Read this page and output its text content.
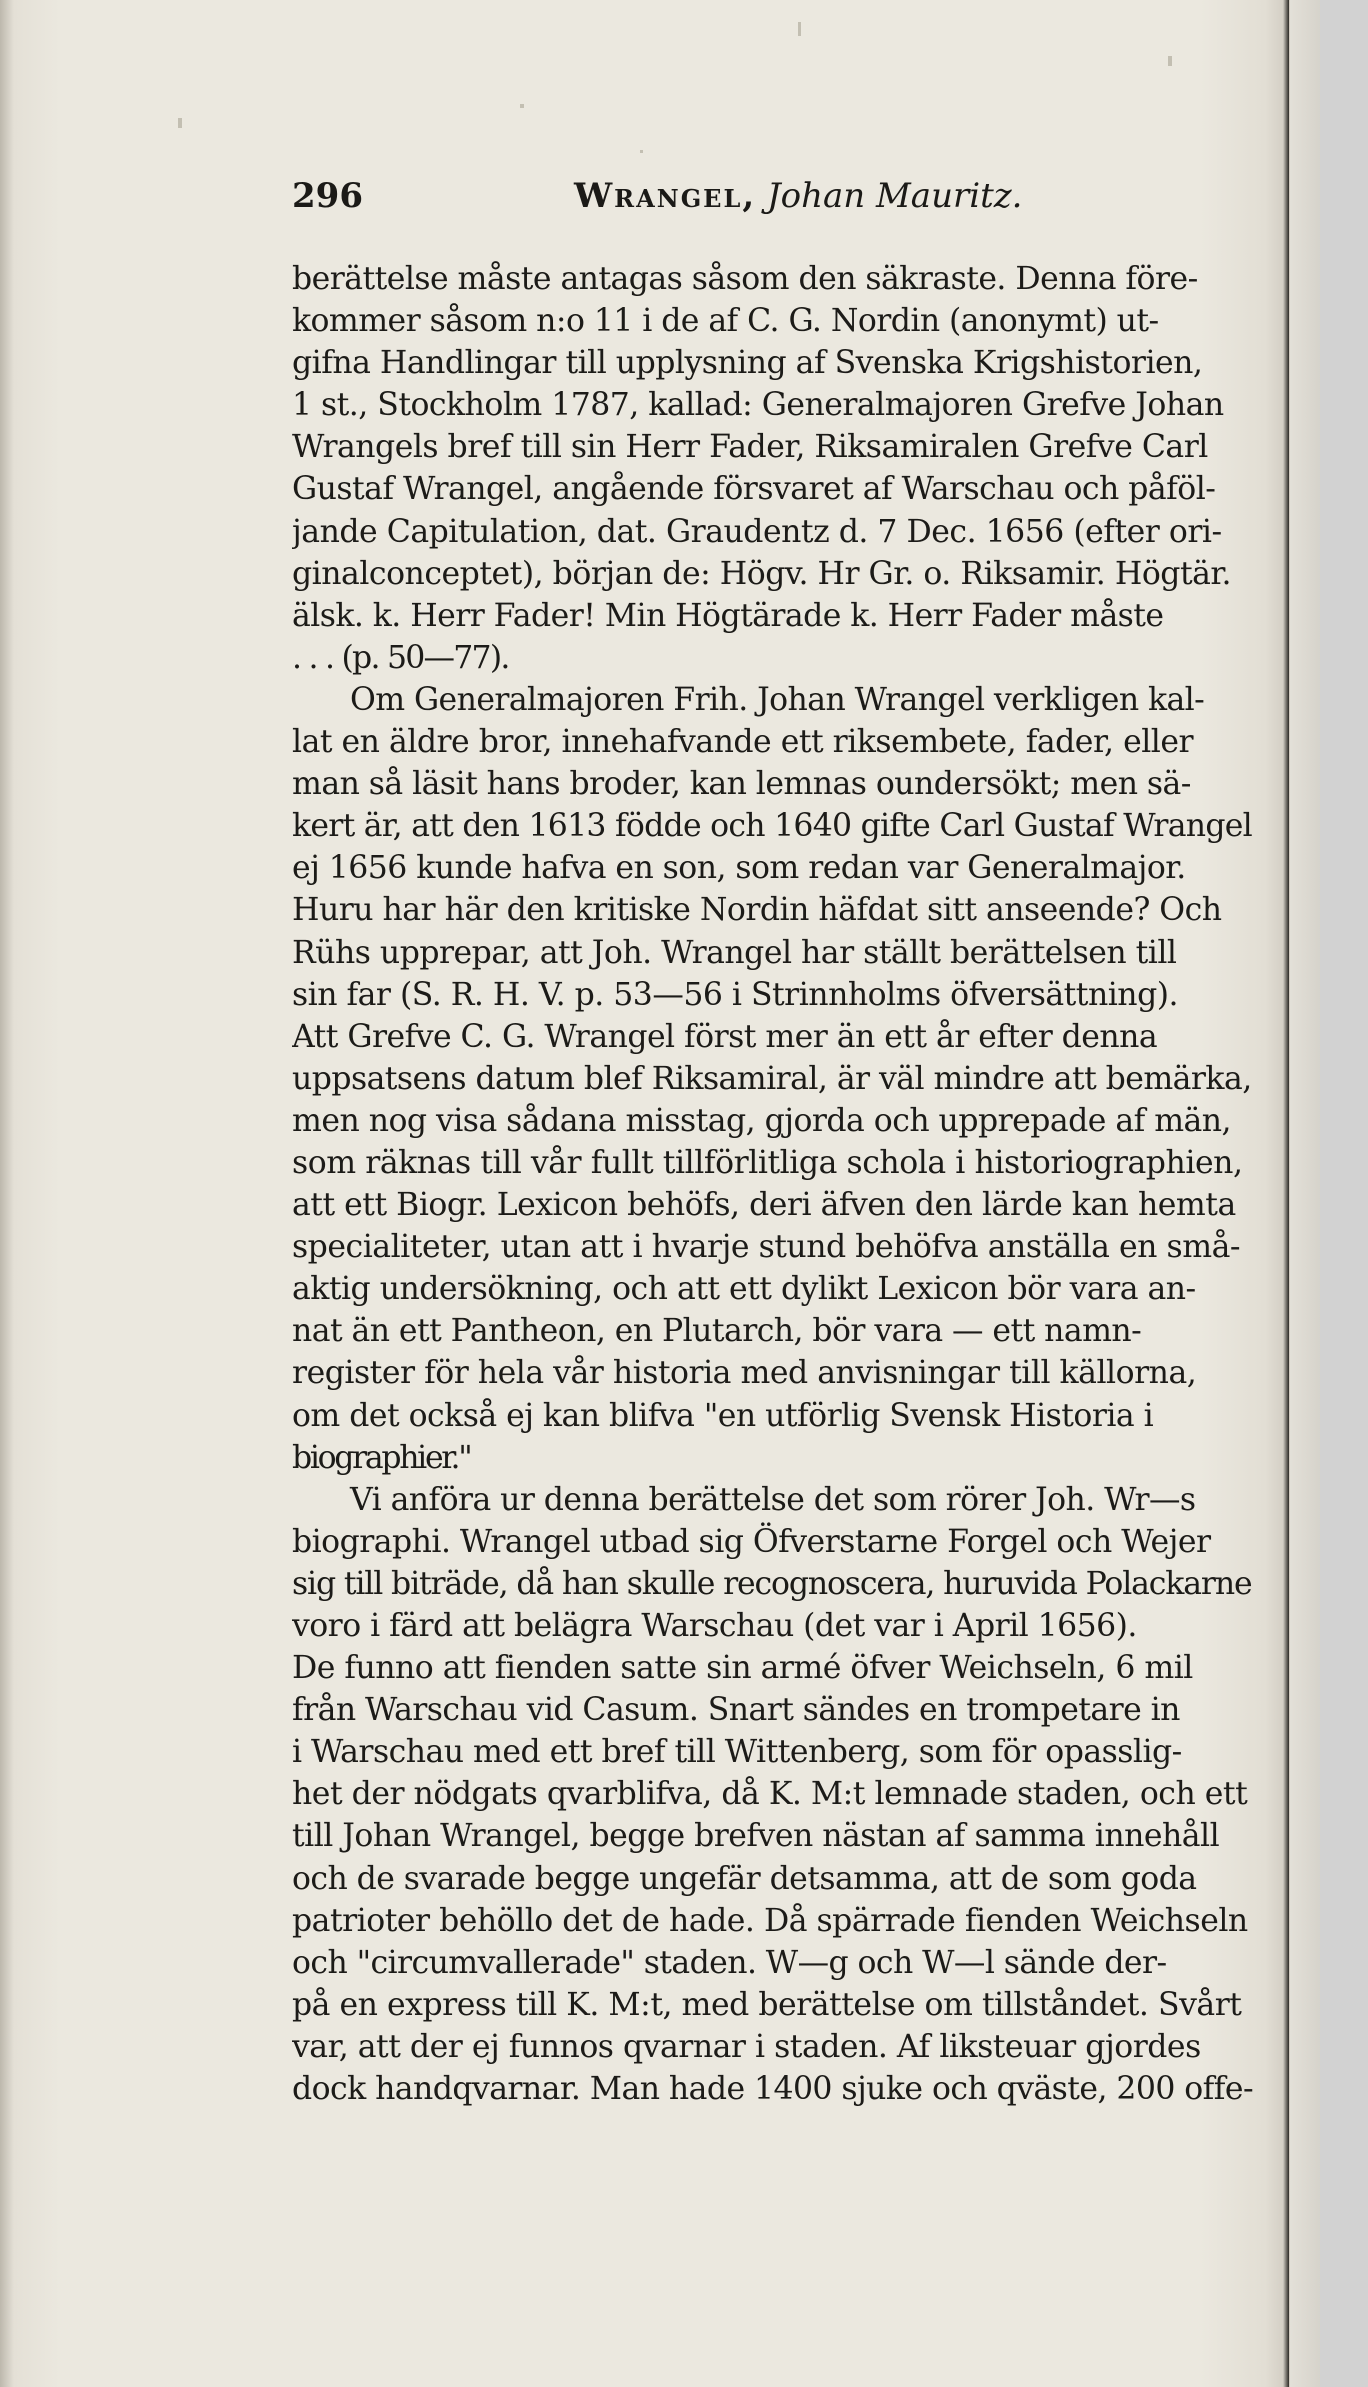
296	Wrangel, Johan Mauritz.
berättelse måste antagas såsom den säkraste. Denna före-
kommer såsom n:o 11 i de af C. G. Nordin (anonymt) ut-
gifna Handlingar till upplysning af Svenska Krigshistorien,
1 st., Stockholm 1787, kallad: Generalmajoren Grefve Johan
Wrangels bref till sin Herr Fader, Riksamiralen Grefve Carl
Gustaf Wrangel, angående försvaret af Warschau och påföl-
jande Capitulation, dat. Graudentz d. 7 Dec. 1656 (efter ori-
ginalconceptet), början de: Högv. Hr Gr. o. Riksamir. Högtär.
älsk. k. Herr Fader! Min Högtärade k. Herr Fader måste
. . . (p. 50—77).
Om Generalmajoren Frih. Johan Wrangel verkligen kal-
lat en äldre bror, innehafvande ett riksembete, fader, eller
man så läsit hans broder, kan lemnas oundersökt; men sä-
kert är, att den 1613 födde och 1640 gifte Carl Gustaf Wrangel
ej 1656 kunde hafva en son, som redan var Generalmajor.
Huru har här den kritiske Nordin häfdat sitt anseende? Och
Rühs upprepar, att Joh. Wrangel har ställt berättelsen till
sin far (S. R. H. V. p. 53—56 i Strinnholms öfversättning).
Att Grefve C. G. Wrangel först mer än ett år efter denna
uppsatsens datum blef Riksamiral, är väl mindre att bemärka,
men nog visa sådana misstag, gjorda och upprepade af män,
som räknas till vår fullt tillförlitliga schola i historiographien,
att ett Biogr. Lexicon behöfs, deri äfven den lärde kan hemta
specialiteter, utan att i hvarje stund behöfva anställa en små-
aktig undersökning, och att ett dylikt Lexicon bör vara an-
nat än ett Pantheon, en Plutarch, bör vara — ett namn-
register för hela vår historia med anvisningar till källorna,
om det också ej kan blifva "en utförlig Svensk Historia i
biographier."
Vi anföra ur denna berättelse det som rörer Joh. Wr—s
biographi. Wrangel utbad sig Öfverstarne Forgel och Wejer
sig till biträde, då han skulle recognoscera, huruvida Polackarne
voro i färd att belägra Warschau (det var i April 1656).
De funno att fienden satte sin armé öfver Weichseln, 6 mil
från Warschau vid Casum. Snart sändes en trompetare in
i Warschau med ett bref till Wittenberg, som för opasslig-
het der nödgats qvarblifva, då K. M:t lemnade staden, och ett
till Johan Wrangel, begge brefven nästan af samma innehåll
och de svarade begge ungefär detsamma, att de som goda
patrioter behöllo det de hade. Då spärrade fienden Weichseln
och "circumvallerade" staden. W—g och W—l sände der-
på en express till K. M:t, med berättelse om tillståndet. Svårt
var, att der ej funnos qvarnar i staden. Af liksteuar gjordes
dock handqvarnar. Man hade 1400 sjuke och qväste, 200 offe-
